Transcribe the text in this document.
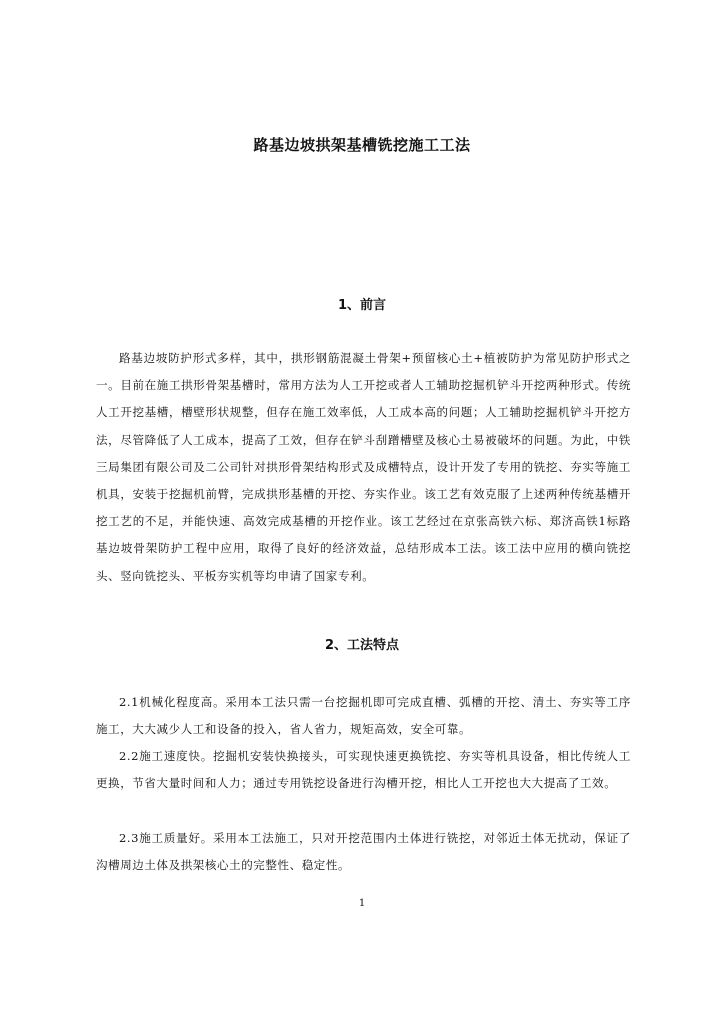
路基边坡拱架基槽铣挖施工工法
1、前言

路基边坡防护形式多样，其中，拱形钢筋混凝土骨架+预留核心土+植被防护为常见防护形式之一。目前在施工拱形骨架基槽时，常用方法为人工开挖或者人工辅助挖掘机铲斗开挖两种形式。传统人工开挖基槽，槽壁形状规整，但存在施工效率低，人工成本高的问题；人工辅助挖掘机铲斗开挖方法，尽管降低了人工成本，提高了工效，但存在铲斗刮蹭槽壁及核心土易被破坏的问题。为此，中铁三局集团有限公司及二公司针对拱形骨架结构形式及成槽特点，设计开发了专用的铣挖、夯实等施工机具，安装于挖掘机前臂，完成拱形基槽的开挖、夯实作业。该工艺有效克服了上述两种传统基槽开挖工艺的不足，并能快速、高效完成基槽的开挖作业。该工艺经过在京张高铁六标、郑济高铁1标路基边坡骨架防护工程中应用，取得了良好的经济效益，总结形成本工法。该工法中应用的横向铣挖头、竖向铣挖头、平板夯实机等均申请了国家专利。

2、工法特点

2.1机械化程度高。采用本工法只需一台挖掘机即可完成直槽、弧槽的开挖、清土、夯实等工序施工，大大减少人工和设备的投入，省人省力，规矩高效，安全可靠。

2.2施工速度快。挖掘机安装快换接头，可实现快速更换铣挖、夯实等机具设备，相比传统人工更换，节省大量时间和人力；通过专用铣挖设备进行沟槽开挖，相比人工开挖也大大提高了工效。

2.3施工质量好。采用本工法施工，只对开挖范围内土体进行铣挖，对邻近土体无扰动，保证了沟槽周边土体及拱架核心土的完整性、稳定性。

1
